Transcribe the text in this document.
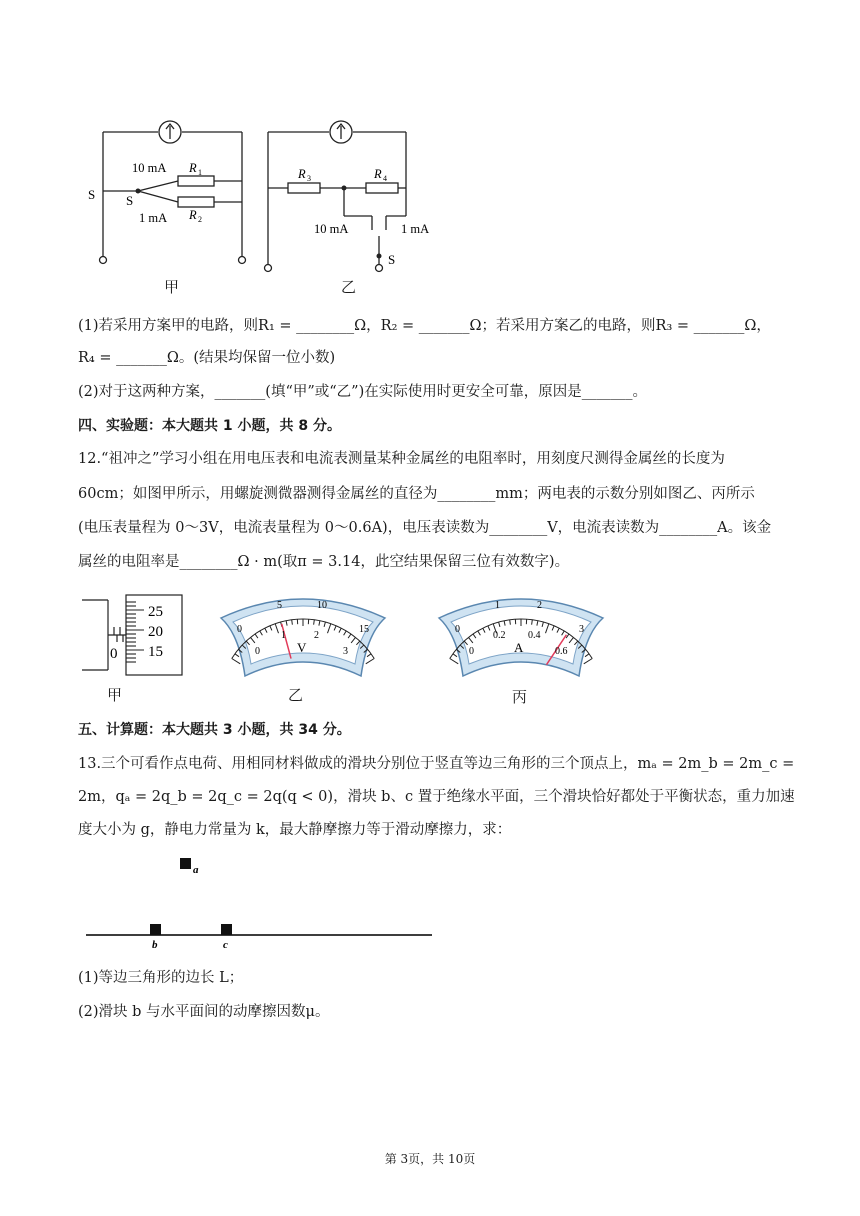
S S
10 mA
1 mA
R 1
R 2
甲
R 3	R 4
10 mA	1 mA
S
乙
(1)若采用方案甲的电路，则R₁ = ________Ω，R₂ = _______Ω；若采用方案乙的电路，则R₃ = _______Ω，
R₄ = _______Ω。(结果均保留一位小数)
(2)对于这两种方案，_______(填“甲”或“乙”)在实际使用时更安全可靠，原因是_______。
四、实验题：本大题共 1 小题，共 8 分。
12.“祖冲之”学习小组在用电压表和电流表测量某种金属丝的电阻率时，用刻度尺测得金属丝的长度为
60cm；如图甲所示，用螺旋测微器测得金属丝的直径为________mm；两电表的示数分别如图乙、丙所示
(电压表量程为 0～3V，电流表量程为 0～0.6A)，电压表读数为________V，电流表读数为________A。该金
属丝的电阻率是________Ω · m(取π = 3.14，此空结果保留三位有效数字)。
25
20
15
0
甲
0
5	10
15
0
1	2
3
V
乙
0
1	2
3
0
0.2 0.4
0.6
A
丙
五、计算题：本大题共 3 小题，共 34 分。
13.三个可看作点电荷、用相同材料做成的滑块分别位于竖直等边三角形的三个顶点上，mₐ = 2m_b = 2m_c =
2m，qₐ = 2q_b = 2q_c = 2q(q < 0)，滑块 b、c 置于绝缘水平面，三个滑块恰好都处于平衡状态，重力加速
度大小为 g，静电力常量为 k，最大静摩擦力等于滑动摩擦力，求：
a
b	c
(1)等边三角形的边长 L；
(2)滑块 b 与水平面间的动摩擦因数μ。
第 3页，共 10页
